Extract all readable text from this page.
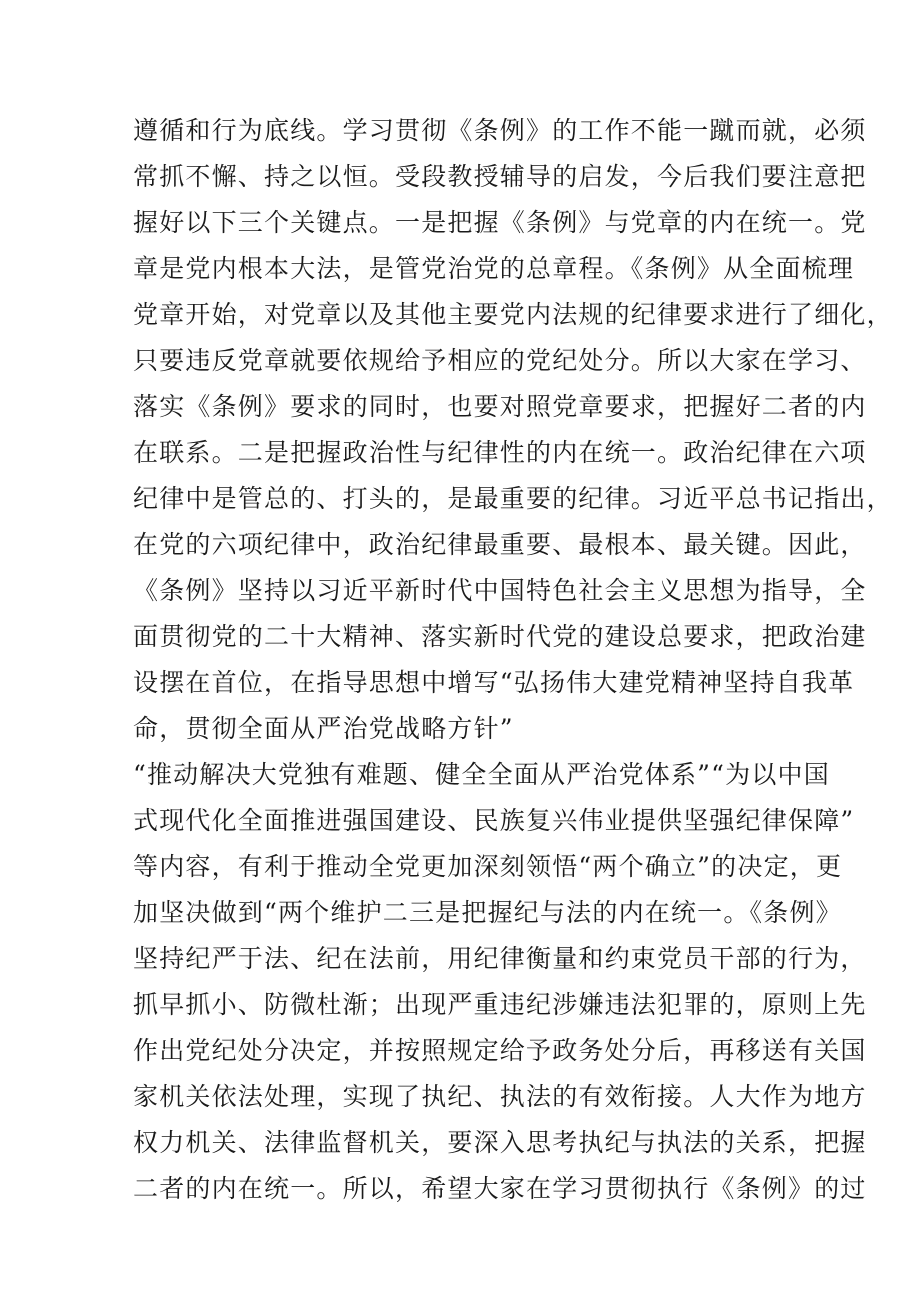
遵循和行为底线。学习贯彻《条例》的工作不能一蹴而就，必须
常抓不懈、持之以恒。受段教授辅导的启发，今后我们要注意把
握好以下三个关键点。一是把握《条例》与党章的内在统一。党
章是党内根本大法，是管党治党的总章程。《条例》从全面梳理
党章开始，对党章以及其他主要党内法规的纪律要求进行了细化，
只要违反党章就要依规给予相应的党纪处分。所以大家在学习、
落实《条例》要求的同时，也要对照党章要求，把握好二者的内
在联系。二是把握政治性与纪律性的内在统一。政治纪律在六项
纪律中是管总的、打头的，是最重要的纪律。习近平总书记指出，
在党的六项纪律中，政治纪律最重要、最根本、最关键。因此，
《条例》坚持以习近平新时代中国特色社会主义思想为指导，全
面贯彻党的二十大精神、落实新时代党的建设总要求，把政治建
设摆在首位，在指导思想中增写“弘扬伟大建党精神坚持自我革
命，贯彻全面从严治党战略方针”
“推动解决大党独有难题、健全全面从严治党体系”“为以中国
式现代化全面推进强国建设、民族复兴伟业提供坚强纪律保障”
等内容，有利于推动全党更加深刻领悟“两个确立”的决定，更
加坚决做到“两个维护二三是把握纪与法的内在统一。《条例》
坚持纪严于法、纪在法前，用纪律衡量和约束党员干部的行为，
抓早抓小、防微杜渐；出现严重违纪涉嫌违法犯罪的，原则上先
作出党纪处分决定，并按照规定给予政务处分后，再移送有关国
家机关依法处理，实现了执纪、执法的有效衔接。人大作为地方
权力机关、法律监督机关，要深入思考执纪与执法的关系，把握
二者的内在统一。所以，希望大家在学习贯彻执行《条例》的过
